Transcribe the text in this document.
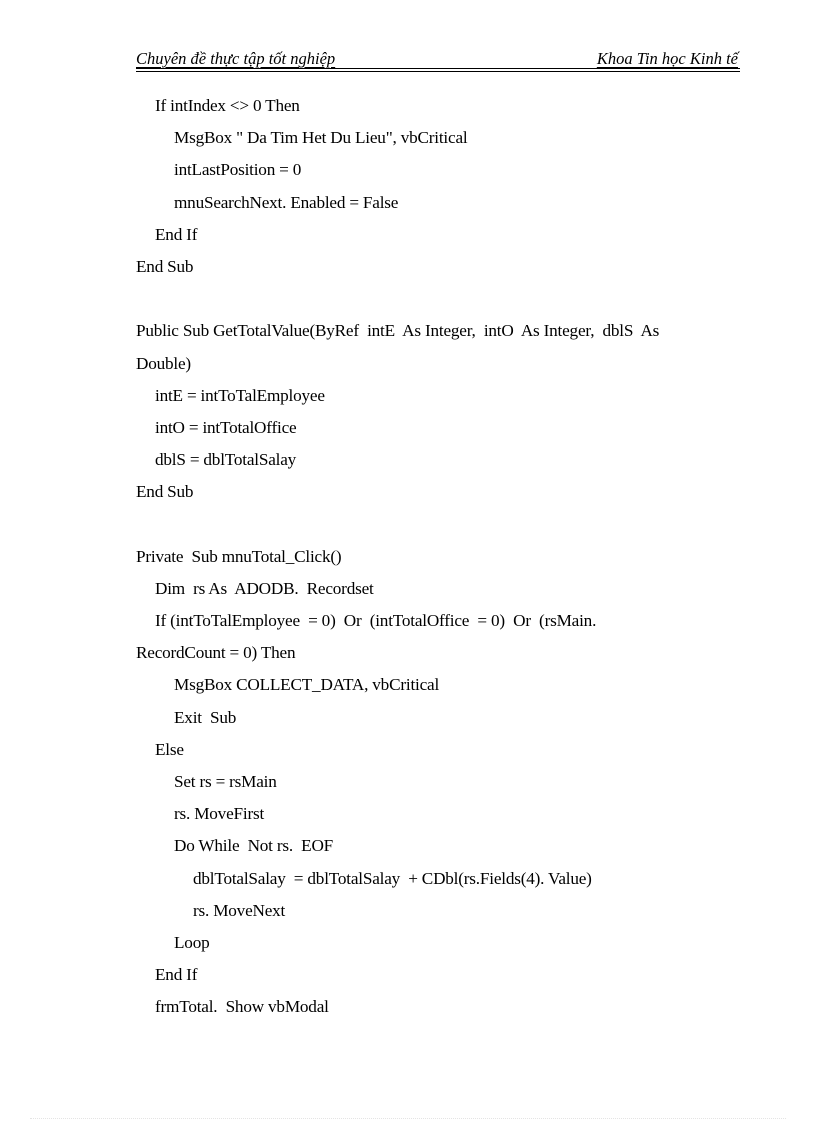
Chuyên đề thực tập tốt nghiệp	Khoa Tin học Kinh tế
If intIndex <> 0 Then
MsgBox " Da Tim Het Du Lieu", vbCritical
intLastPosition = 0
mnuSearchNext. Enabled = False
End If
End Sub
Public Sub GetTotalValue(ByRef  intE  As Integer,  intO  As Integer,  dblS  As
Double)
intE = intToTalEmployee
intO = intTotalOffice
dblS = dblTotalSalay
End Sub
Private  Sub mnuTotal_Click()
Dim  rs As  ADODB.  Recordset
If (intToTalEmployee  = 0)  Or  (intTotalOffice  = 0)  Or  (rsMain.
RecordCount = 0) Then
MsgBox COLLECT_DATA, vbCritical
Exit  Sub
Else
Set rs = rsMain
rs. MoveFirst
Do While  Not rs.  EOF
dblTotalSalay  = dblTotalSalay  + CDbl(rs.Fields(4). Value)
rs. MoveNext
Loop
End If
frmTotal.  Show vbModal
